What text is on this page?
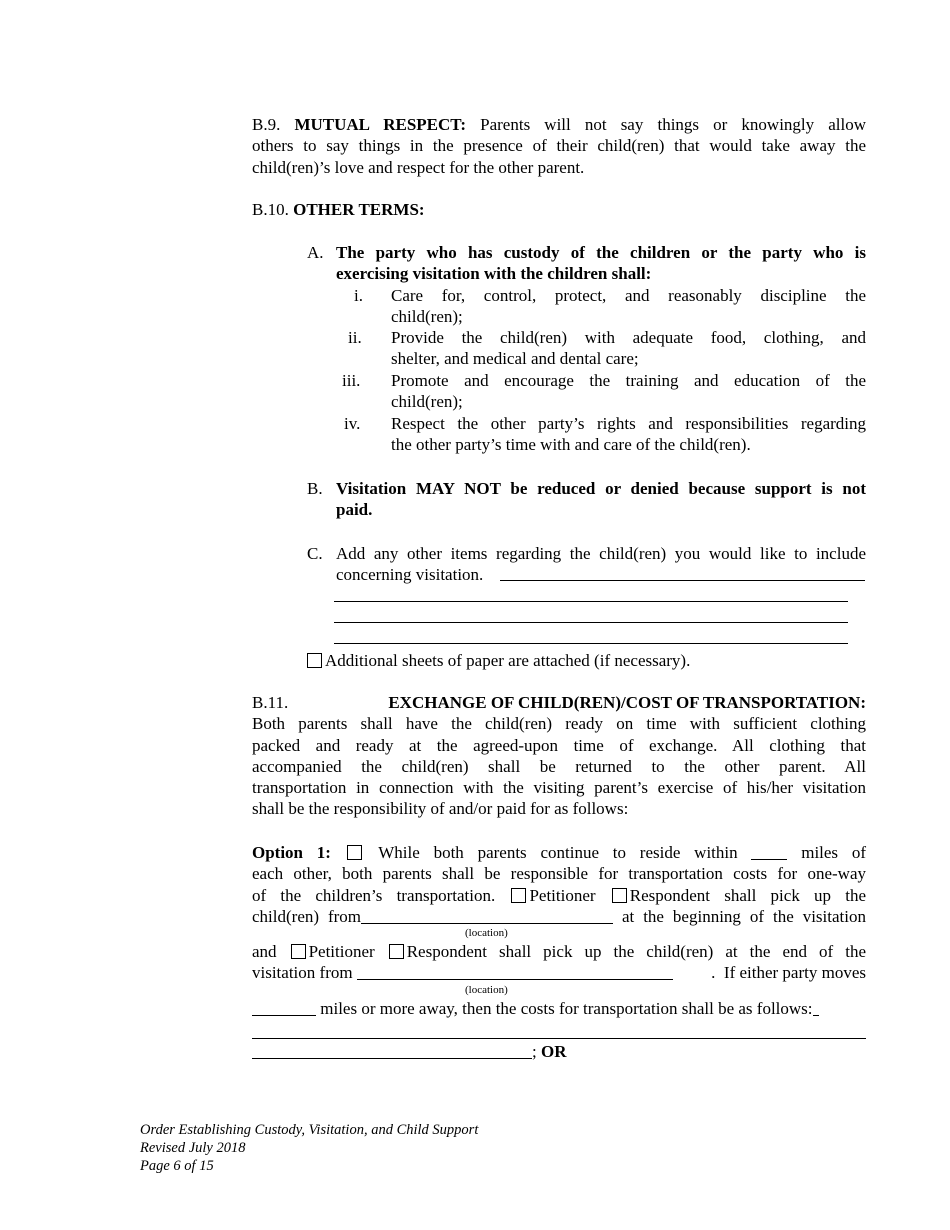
B.9. MUTUAL RESPECT: Parents will not say things or knowingly allow
others to say things in the presence of their child(ren) that would take away the
child(ren)’s love and respect for the other parent.
B.10. OTHER TERMS:
A. The party who has custody of the children or the party who is
exercising visitation with the children shall:
i. Care for, control, protect, and reasonably discipline the
child(ren);
ii. Provide the child(ren) with adequate food, clothing, and
shelter, and medical and dental care;
iii. Promote and encourage the training and education of the
child(ren);
iv. Respect the other party’s rights and responsibilities regarding
the other party’s time with and care of the child(ren).
B. Visitation MAY NOT be reduced or denied because support is not
paid.
C. Add any other items regarding the child(ren) you would like to include
concerning visitation.
Additional sheets of paper are attached (if necessary).
B.11.	EXCHANGE OF CHILD(REN)/COST OF TRANSPORTATION:
Both parents shall have the child(ren) ready on time with sufficient clothing
packed and ready at the agreed-upon time of exchange. All clothing that
accompanied the child(ren) shall be returned to the other parent. All
transportation in connection with the visiting parent’s exercise of his/her visitation
shall be the responsibility of and/or paid for as follows:
Option 1:	While both parents continue to reside within	miles of
each other, both parents shall be responsible for transportation costs for one-way
of the children’s transportation. Petitioner Respondent shall pick up the
child(ren) from	at the beginning of the visitation
(location)
and Petitioner Respondent shall pick up the child(ren) at the end of the
visitation from	.  If either party moves
(location)
miles or more away, then the costs for transportation shall be as follows:
; OR
Order Establishing Custody, Visitation, and Child Support
Revised July 2018
Page 6 of 15
